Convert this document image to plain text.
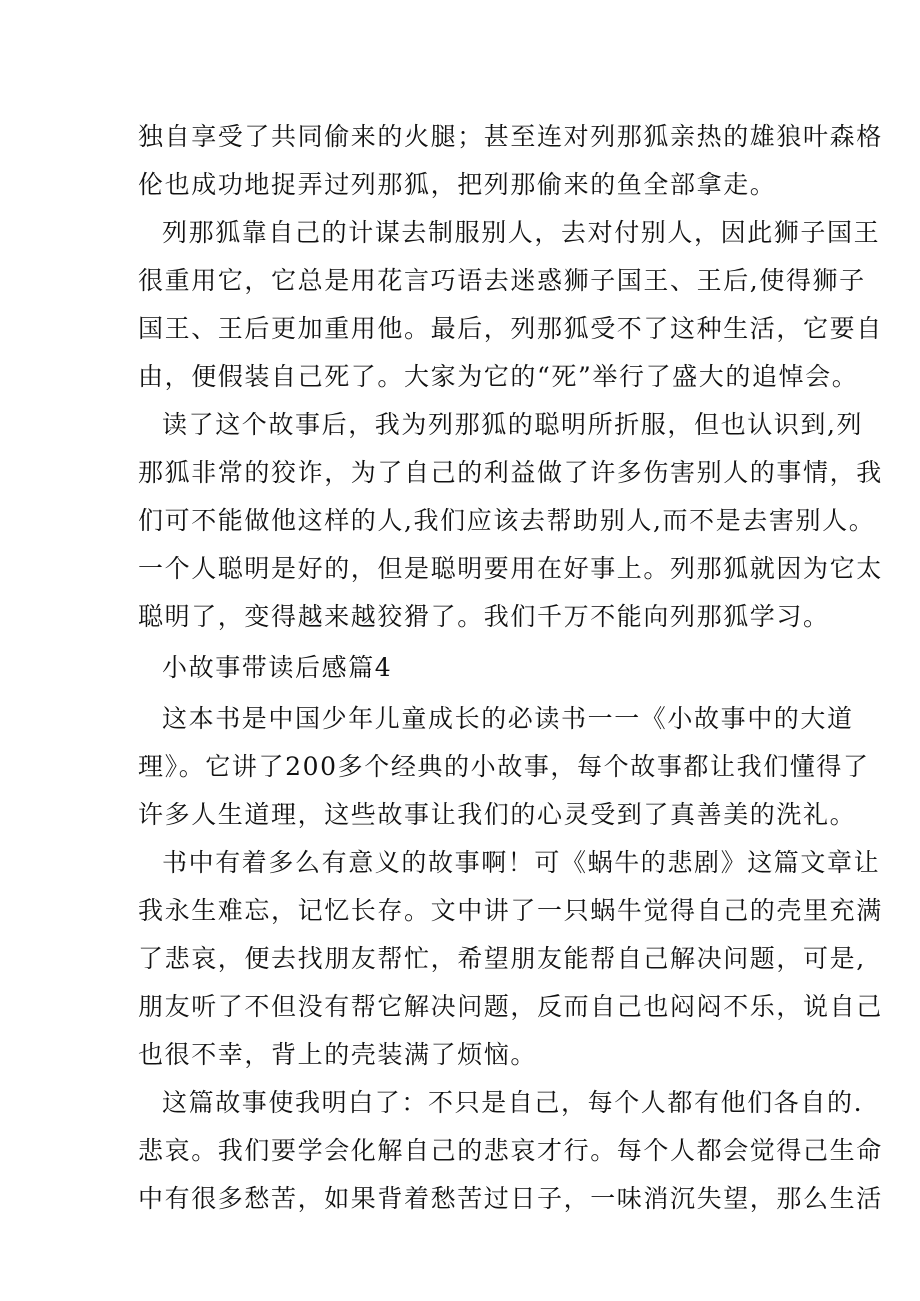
独自享受了共同偷来的火腿；甚至连对列那狐亲热的雄狼叶森格
伦也成功地捉弄过列那狐，把列那偷来的鱼全部拿走。
列那狐靠自己的计谋去制服别人，去对付别人，因此狮子国王
很重用它，它总是用花言巧语去迷惑狮子国王、王后,使得狮子
国王、王后更加重用他。最后，列那狐受不了这种生活，它要自
由，便假装自己死了。大家为它的“死”举行了盛大的追悼会。
读了这个故事后，我为列那狐的聪明所折服，但也认识到,列
那狐非常的狡诈，为了自己的利益做了许多伤害别人的事情，我
们可不能做他这样的人,我们应该去帮助别人,而不是去害别人。
一个人聪明是好的，但是聪明要用在好事上。列那狐就因为它太
聪明了，变得越来越狡猾了。我们千万不能向列那狐学习。
小故事带读后感篇4
这本书是中国少年儿童成长的必读书一一《小故事中的大道
理》。它讲了200多个经典的小故事，每个故事都让我们懂得了
许多人生道理，这些故事让我们的心灵受到了真善美的洗礼。
书中有着多么有意义的故事啊！可《蜗牛的悲剧》这篇文章让
我永生难忘，记忆长存。文中讲了一只蜗牛觉得自己的壳里充满
了悲哀，便去找朋友帮忙，希望朋友能帮自己解决问题，可是,
朋友听了不但没有帮它解决问题，反而自己也闷闷不乐，说自己
也很不幸，背上的壳装满了烦恼。
这篇故事使我明白了：不只是自己，每个人都有他们各自的.
悲哀。我们要学会化解自己的悲哀才行。每个人都会觉得己生命
中有很多愁苦，如果背着愁苦过日子，一味消沉失望，那么生活
